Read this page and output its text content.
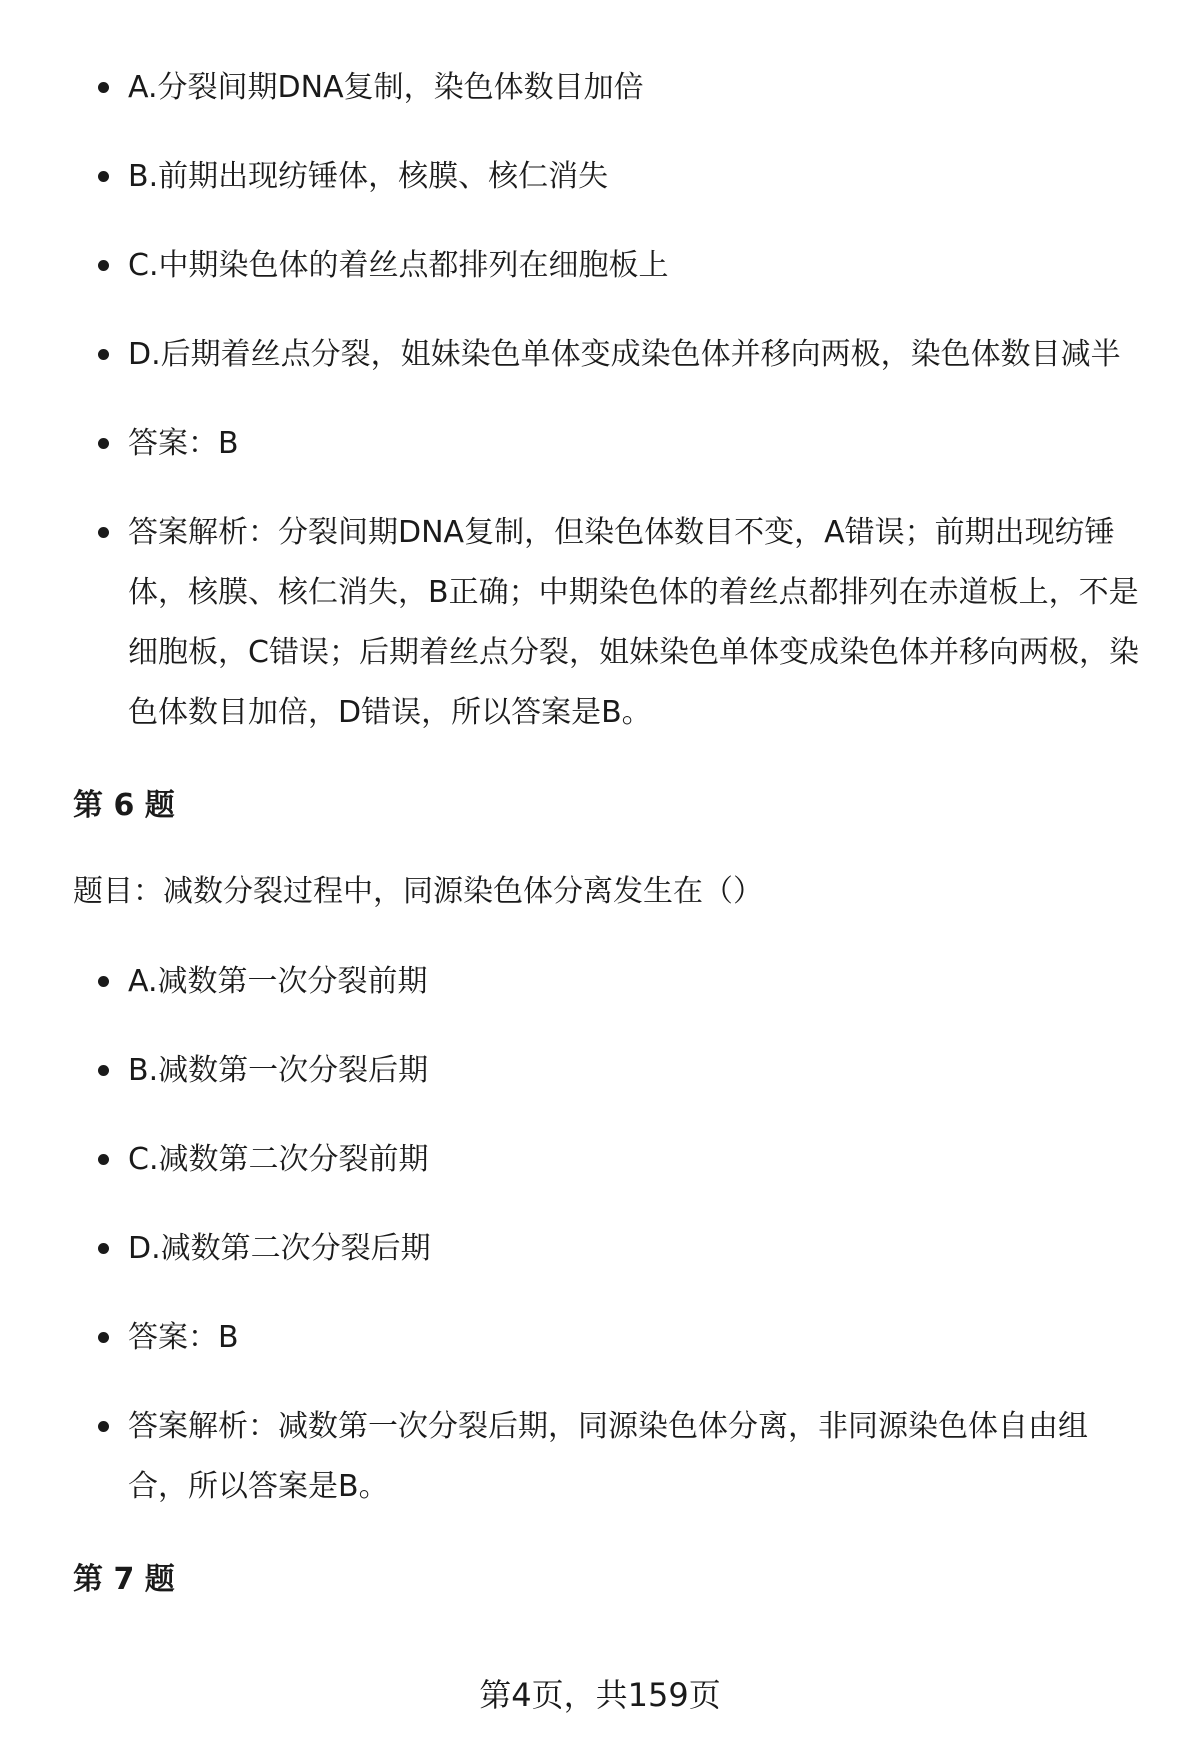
A.分裂间期DNA复制，染色体数目加倍
B.前期出现纺锤体，核膜、核仁消失
C.中期染色体的着丝点都排列在细胞板上
D.后期着丝点分裂，姐妹染色单体变成染色体并移向两极，染色体数目减半
答案：B
答案解析：分裂间期DNA复制，但染色体数目不变，A错误；前期出现纺锤体，核膜、核仁消失，B正确；中期染色体的着丝点都排列在赤道板上，不是细胞板，C错误；后期着丝点分裂，姐妹染色单体变成染色体并移向两极，染色体数目加倍，D错误，所以答案是B。
第 6 题

题目：减数分裂过程中，同源染色体分离发生在（）

A.减数第一次分裂前期
B.减数第一次分裂后期
C.减数第二次分裂前期
D.减数第二次分裂后期
答案：B
答案解析：减数第一次分裂后期，同源染色体分离，非同源染色体自由组合，所以答案是B。
第 7 题
第4页，共159页
